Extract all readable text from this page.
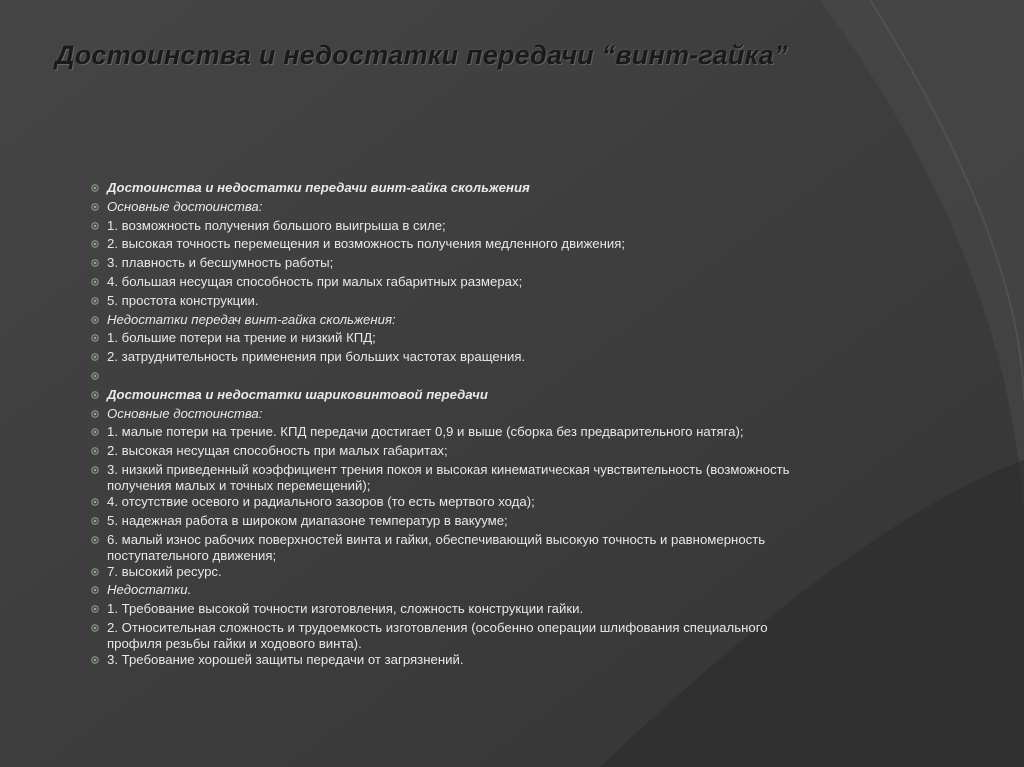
Достоинства и недостатки передачи “винт-гайка”
Достоинства и недостатки передачи винт-гайка скольжения
Основные достоинства:
1. возможность получения большого выигрыша в силе;
2. высокая точность перемещения и возможность получения медленного движения;
3. плавность и бесшумность работы;
4. большая несущая способность при малых габаритных размерах;
5. простота конструкции.
Недостатки передач винт-гайка скольжения:
1. большие потери на трение и низкий КПД;
2. затруднительность применения при больших частотах вращения.
Достоинства и недостатки шариковинтовой передачи
Основные достоинства:
1. малые потери на трение. КПД передачи достигает 0,9 и выше (сборка без предварительного натяга);
2. высокая несущая способность при малых габаритах;
3. низкий приведенный коэффициент трения покоя и высокая кинематическая чувствительность (возможность получения малых и точных перемещений);
4. отсутствие осевого и радиального зазоров (то есть мертвого хода);
5. надежная работа в широком диапазоне температур в вакууме;
6. малый износ рабочих поверхностей винта и гайки, обеспечивающий высокую точность и равномерность поступательного движения;
7. высокий ресурс.
Недостатки.
1. Требование высокой точности изготовления, сложность конструкции гайки.
2. Относительная сложность и трудоемкость изготовления (особенно операции шлифования специального профиля резьбы гайки и ходового винта).
3. Требование хорошей защиты передачи от загрязнений.
